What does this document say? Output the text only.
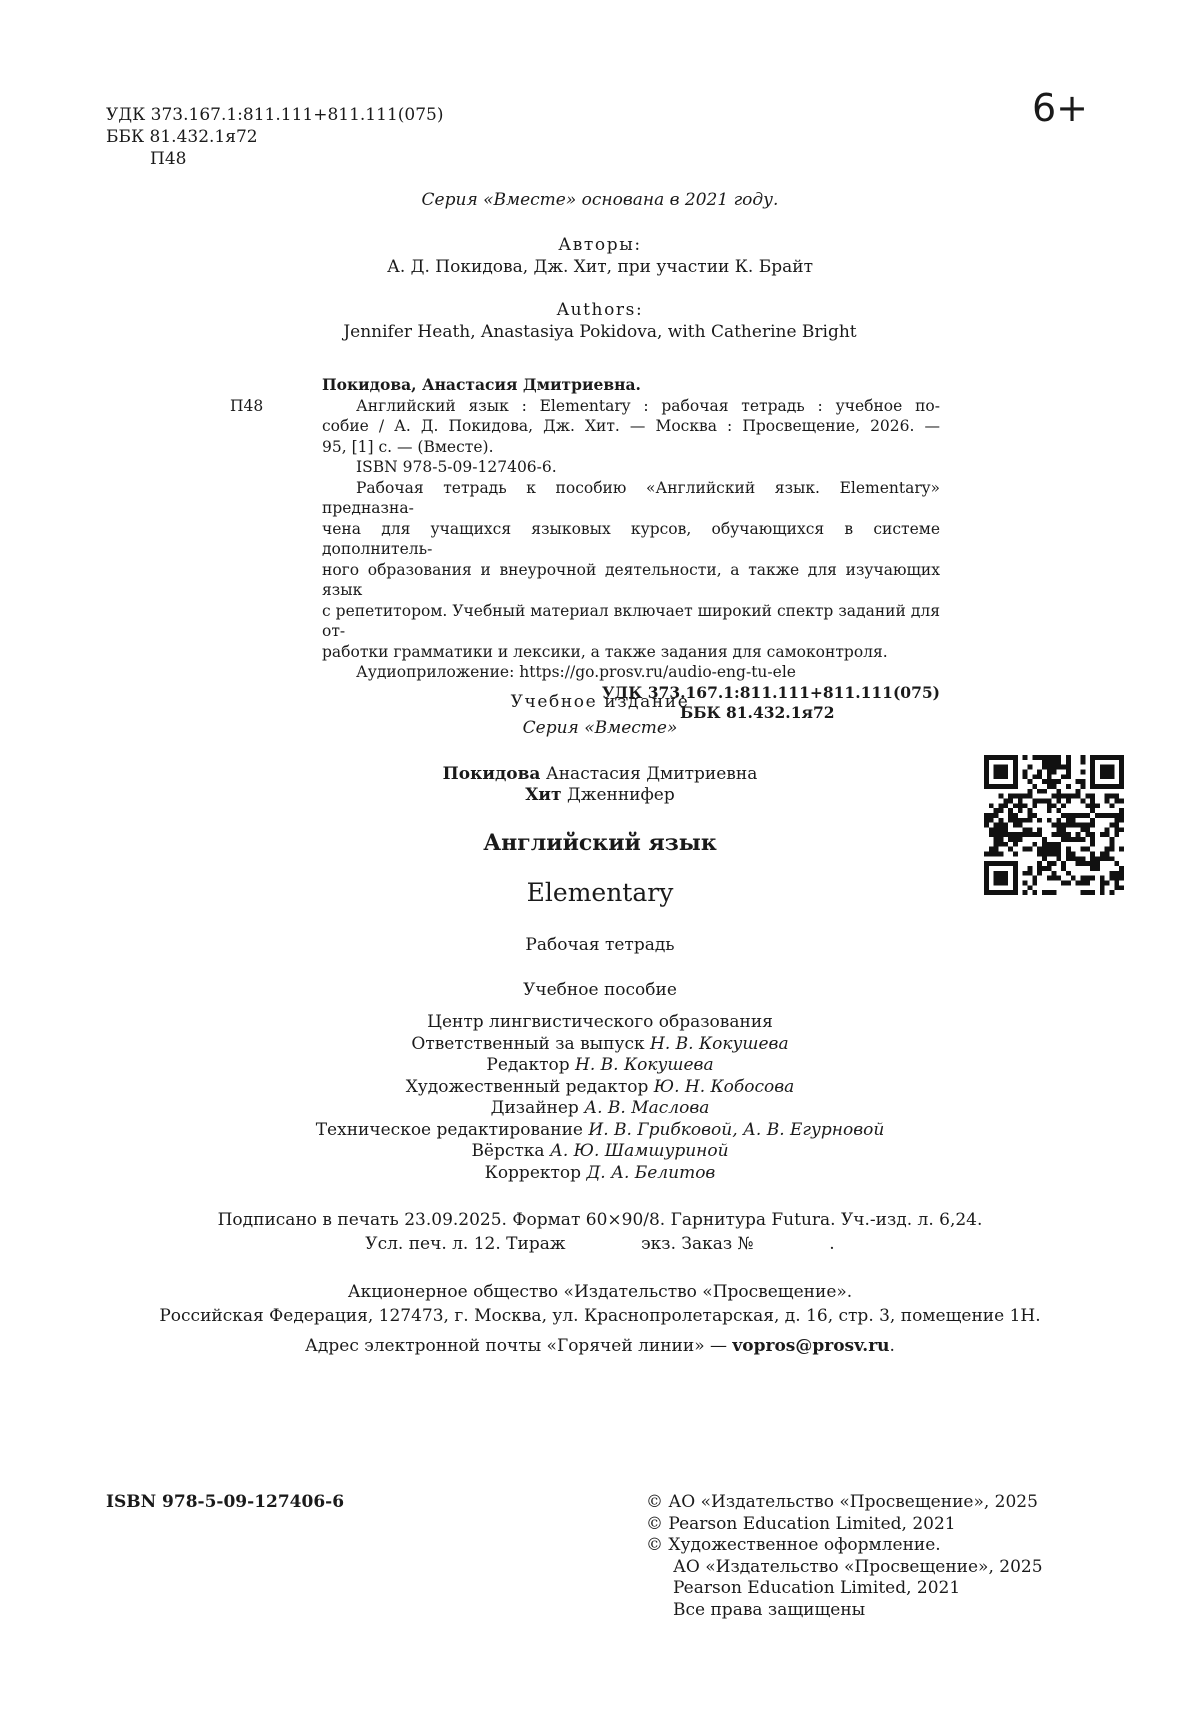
УДК 373.167.1:811.111+811.111(075)
ББК 81.432.1я72
П48
6+
Серия «Вместе» основана в 2021 году.
Авторы:
А. Д. Покидова, Дж. Хит, при участии К. Брайт
Authors:
Jennifer Heath, Anastasiya Pokidova, with Catherine Bright
П48
Покидова, Анастасия Дмитриевна.
Английский язык : Elementary : рабочая тетрадь : учебное по-
собие / А. Д. Покидова, Дж. Хит. — Москва : Просвещение, 2026. —
95, [1] с. — (Вместе).
ISBN 978-5-09-127406-6.
Рабочая тетрадь к пособию «Английский язык. Elementary» предназна-
чена для учащихся языковых курсов, обучающихся в системе дополнитель-
ного образования и внеурочной деятельности, а также для изучающих язык
с репетитором. Учебный материал включает широкий спектр заданий для от-
работки грамматики и лексики, а также задания для самоконтроля.
Аудиоприложение: https://go.prosv.ru/audio-eng-tu-ele
УДК 373.167.1:811.111+811.111(075)
ББК 81.432.1я72
Учебное издание
Серия «Вместе»
Покидова Анастасия Дмитриевна
Хит Дженнифер
Английский язык
Elementary
Рабочая тетрадь
Учебное пособие
Центр лингвистического образования
Ответственный за выпуск Н. В. Кокушева
Редактор Н. В. Кокушева
Художественный редактор Ю. Н. Кобосова
Дизайнер А. В. Маслова
Техническое редактирование И. В. Грибковой, А. В. Егурновой
Вёрстка А. Ю. Шамшуриной
Корректор Д. А. Белитов
Подписано в печать 23.09.2025. Формат 60×90/8. Гарнитура Futura. Уч.-изд. л. 6,24.
Усл. печ. л. 12. Тираж              экз. Заказ №              .
Акционерное общество «Издательство «Просвещение».
Российская Федерация, 127473, г. Москва, ул. Краснопролетарская, д. 16, стр. 3, помещение 1Н.
Адрес электронной почты «Горячей линии» — vopros@prosv.ru.
ISBN 978-5-09-127406-6	© АО «Издательство «Просвещение», 2025
© Pearson Education Limited, 2021
© Художественное оформление.
АО «Издательство «Просвещение», 2025
Pearson Education Limited, 2021
Все права защищены
